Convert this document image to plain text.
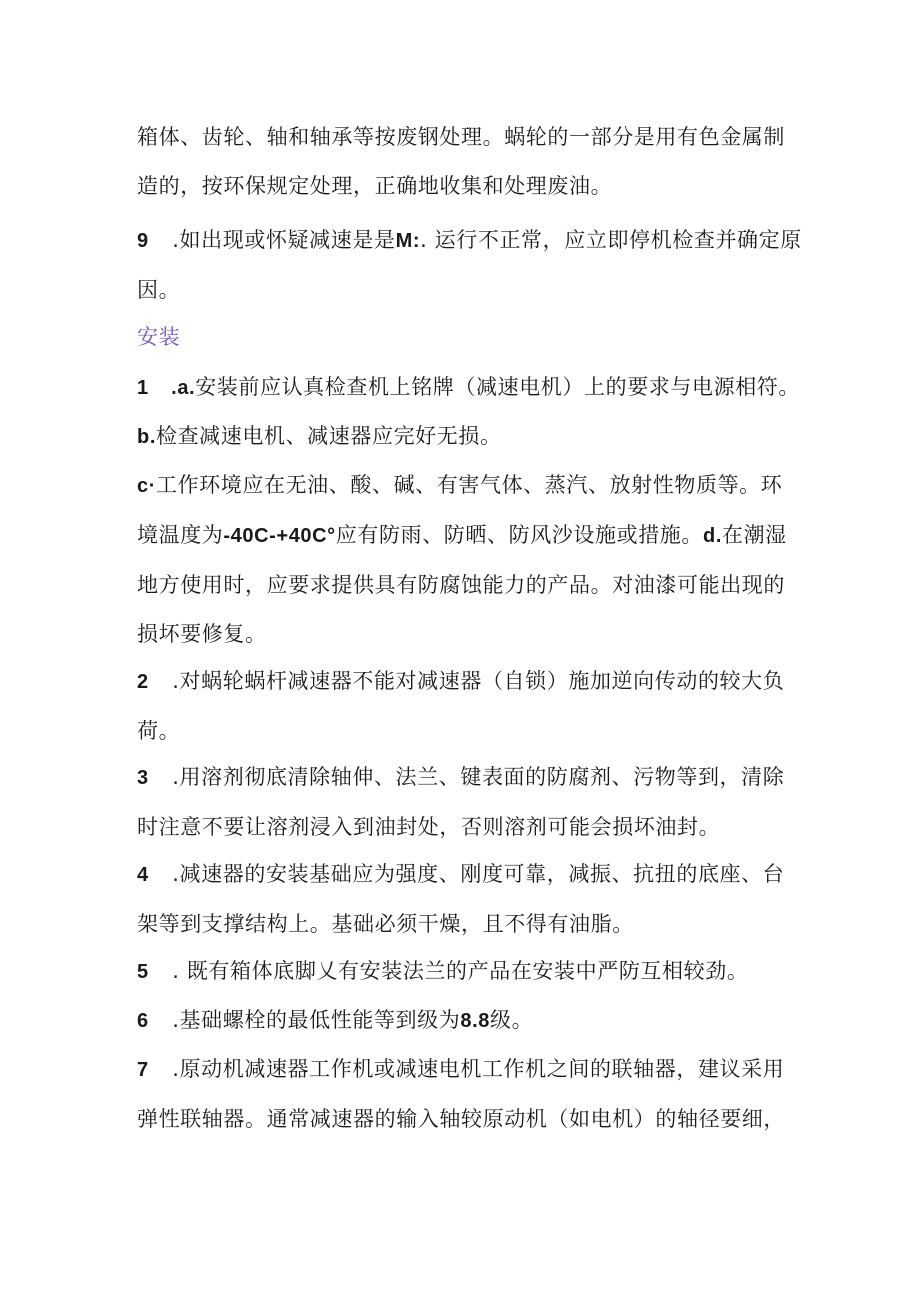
箱体、齿轮、轴和轴承等按废钢处理。蜗轮的一部分是用有色金属制
造的，按环保规定处理，正确地收集和处理废油。
9 .如出现或怀疑减速是是M:. 运行不正常，应立即停机检查并确定原
因。
安装
1 .a.安装前应认真检查机上铭牌（减速电机）上的要求与电源相符。
b.检查减速电机、减速器应完好无损。
c·工作环境应在无油、酸、碱、有害气体、蒸汽、放射性物质等。环
境温度为-40C-+40C°应有防雨、防晒、防风沙设施或措施。d.在潮湿
地方使用时，应要求提供具有防腐蚀能力的产品。对油漆可能出现的
损坏要修复。
2 .对蜗轮蜗杆减速器不能对减速器（自锁）施加逆向传动的较大负
荷。
3 .用溶剂彻底清除轴伸、法兰、键表面的防腐剂、污物等到，清除
时注意不要让溶剂浸入到油封处，否则溶剂可能会损坏油封。
4 .减速器的安装基础应为强度、刚度可靠，减振、抗扭的底座、台
架等到支撑结构上。基础必须干燥，且不得有油脂。
5 . 既有箱体底脚乂有安装法兰的产品在安装中严防互相较劲。
6 .基础螺栓的最低性能等到级为8.8级。
7 .原动机减速器工作机或减速电机工作机之间的联轴器，建议采用
弹性联轴器。通常减速器的输入轴较原动机（如电机）的轴径要细，
